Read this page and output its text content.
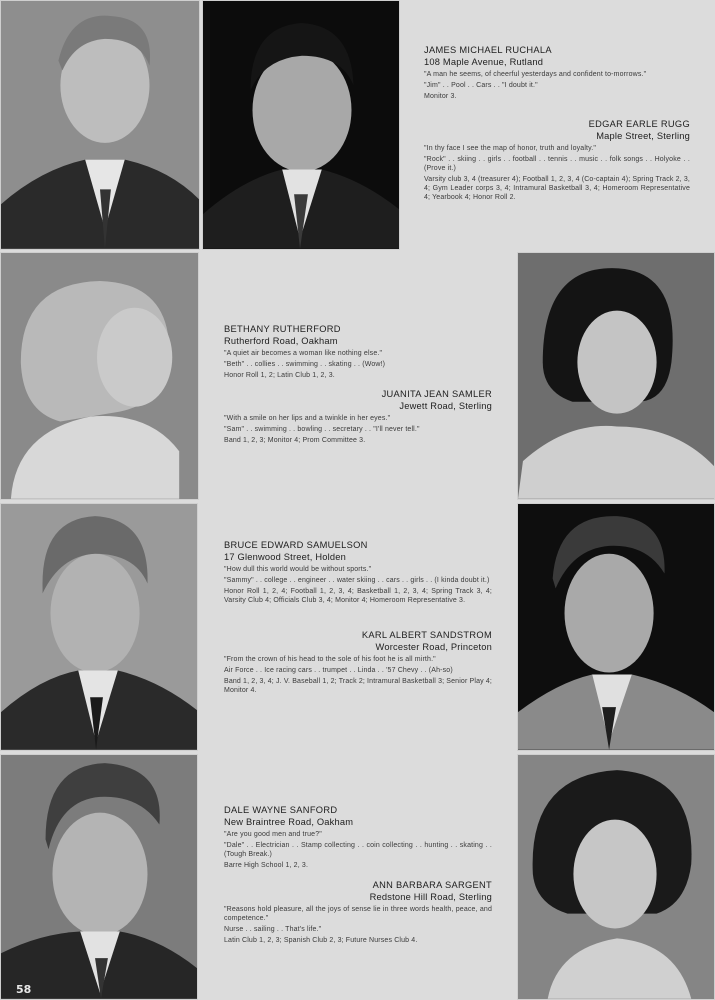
JAMES MICHAEL RUCHALA
108 Maple Avenue, Rutland

"A man he seems, of cheerful yesterdays and confident to-morrows."

"Jim" . . Pool . . Cars . . "I doubt it."

Monitor 3.

EDGAR EARLE RUGG
Maple Street, Sterling

"In thy face I see the map of honor, truth and loyalty."

"Rock" . . skiing . . girls . . football . . tennis . . music . . folk songs . . Holyoke . . (Prove it.)

Varsity club 3, 4 (treasurer 4); Football 1, 2, 3, 4 (Co-captain 4); Spring Track 2, 3, 4; Gym Leader corps 3, 4; Intramural Basketball 3, 4; Homeroom Representative 4; Yearbook 4; Honor Roll 2.

BETHANY RUTHERFORD
Rutherford Road, Oakham

"A quiet air becomes a woman like nothing else."

"Beth" . . collies . . swimming . . skating . . (Wow!)

Honor Roll 1, 2; Latin Club 1, 2, 3.

JUANITA JEAN SAMLER
Jewett Road, Sterling

"With a smile on her lips and a twinkle in her eyes."

"Sam" . . swimming . . bowling . . secretary . . "I'll never tell."

Band 1, 2, 3; Monitor 4; Prom Committee 3.

BRUCE EDWARD SAMUELSON
17 Glenwood Street, Holden

"How dull this world would be without sports."

"Sammy" . . college . . engineer . . water skiing . . cars . . girls . . (I kinda doubt it.)

Honor Roll 1, 2, 4; Football 1, 2, 3, 4; Basketball 1, 2, 3, 4; Spring Track 3, 4; Varsity Club 4; Officials Club 3, 4; Monitor 4; Homeroom Representative 3.

KARL ALBERT SANDSTROM
Worcester Road, Princeton

"From the crown of his head to the sole of his foot he is all mirth."

Air Force . . Ice racing cars . . trumpet . . Linda . . '57 Chevy . . (Ah-so)

Band 1, 2, 3, 4; J. V. Baseball 1, 2; Track 2; Intramural Basketball 3; Senior Play 4; Monitor 4.

DALE WAYNE SANFORD
New Braintree Road, Oakham

"Are you good men and true?"

"Dale" . . Electrician . . Stamp collecting . . coin collecting . . hunting . . skating . . (Tough Break.)

Barre High School 1, 2, 3.

ANN BARBARA SARGENT
Redstone Hill Road, Sterling

"Reasons hold pleasure, all the joys of sense lie in three words health, peace, and competence."

Nurse . . sailing . . That's life."

Latin Club 1, 2, 3; Spanish Club 2, 3; Future Nurses Club 4.

58
